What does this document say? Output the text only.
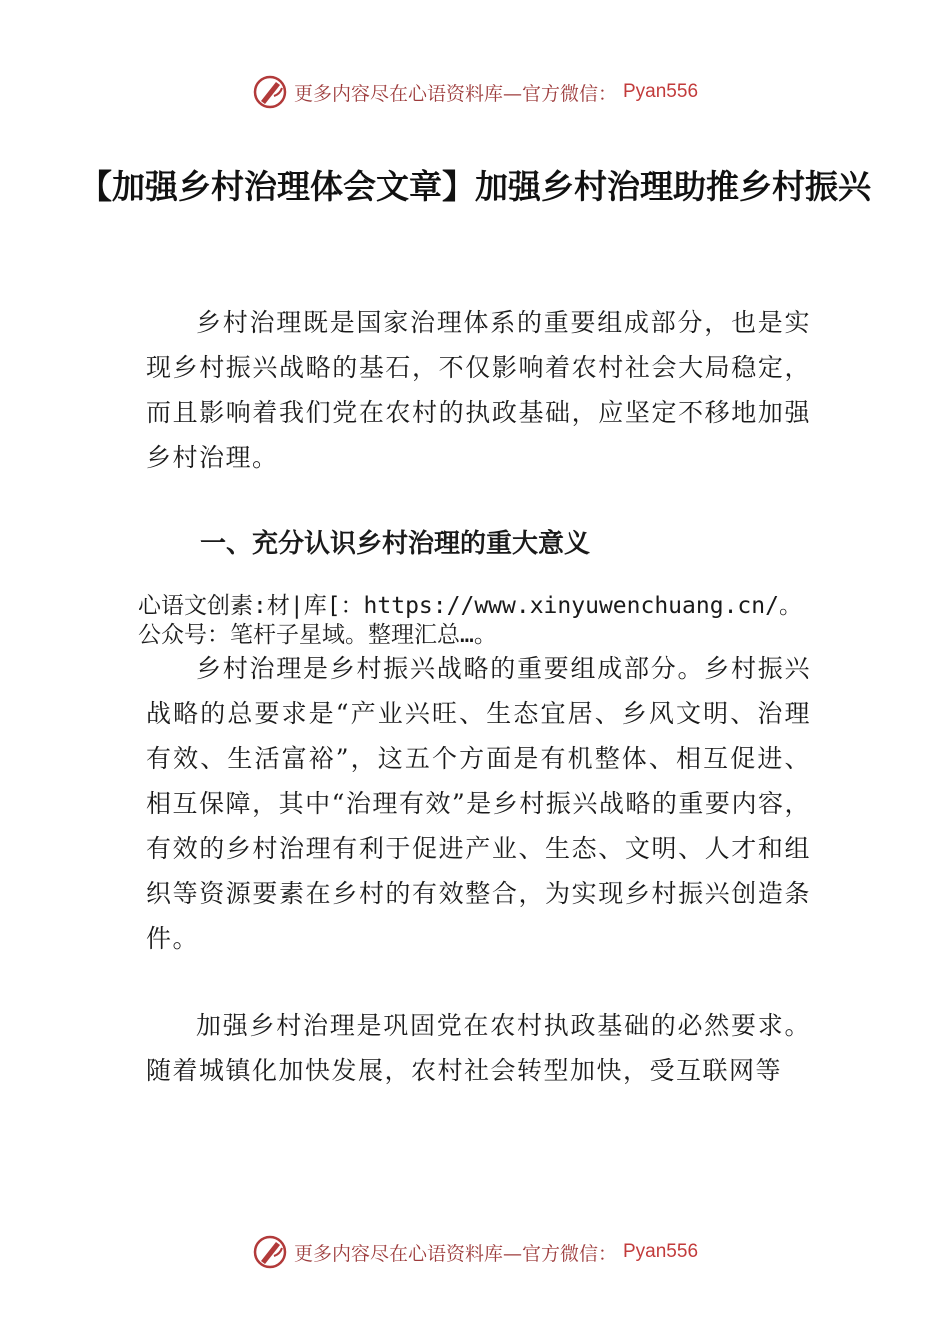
更多内容尽在心语资料库—官方微信： Pyan556
【加强乡村治理体会文章】加强乡村治理助推乡村振兴

乡村治理既是国家治理体系的重要组成部分，也是实现乡村振兴战略的基石，不仅影响着农村社会大局稳定，而且影响着我们党在农村的执政基础，应坚定不移地加强乡村治理。

一、充分认识乡村治理的重大意义
心语文创素:材|库[：https://www.xinyuwenchuang.cn/。
公众号：笔杆子星域。整理汇总…。

乡村治理是乡村振兴战略的重要组成部分。乡村振兴战略的总要求是“产业兴旺、生态宜居、乡风文明、治理有效、生活富裕”，这五个方面是有机整体、相互促进、相互保障，其中“治理有效”是乡村振兴战略的重要内容，有效的乡村治理有利于促进产业、生态、文明、人才和组织等资源要素在乡村的有效整合，为实现乡村振兴创造条件。

加强乡村治理是巩固党在农村执政基础的必然要求。随着城镇化加快发展，农村社会转型加快，受互联网等

更多内容尽在心语资料库—官方微信： Pyan556
